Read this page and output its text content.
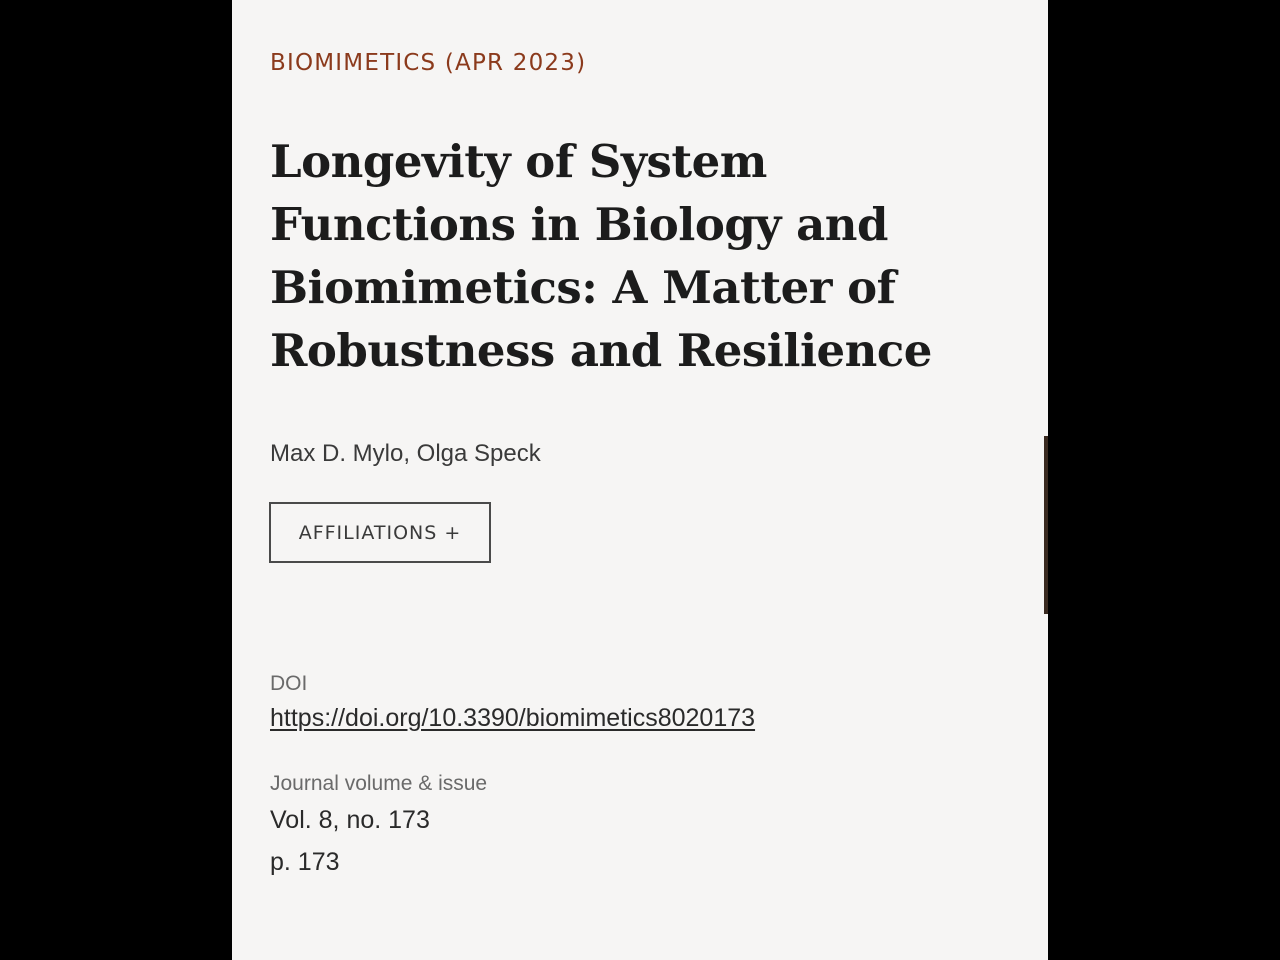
BIOMIMETICS (APR 2023)
Longevity of System Functions in Biology and Biomimetics: A Matter of Robustness and Resilience
Max D. Mylo, Olga Speck
AFFILIATIONS +
DOI
https://doi.org/10.3390/biomimetics8020173
Journal volume & issue
Vol. 8, no. 173
p. 173
